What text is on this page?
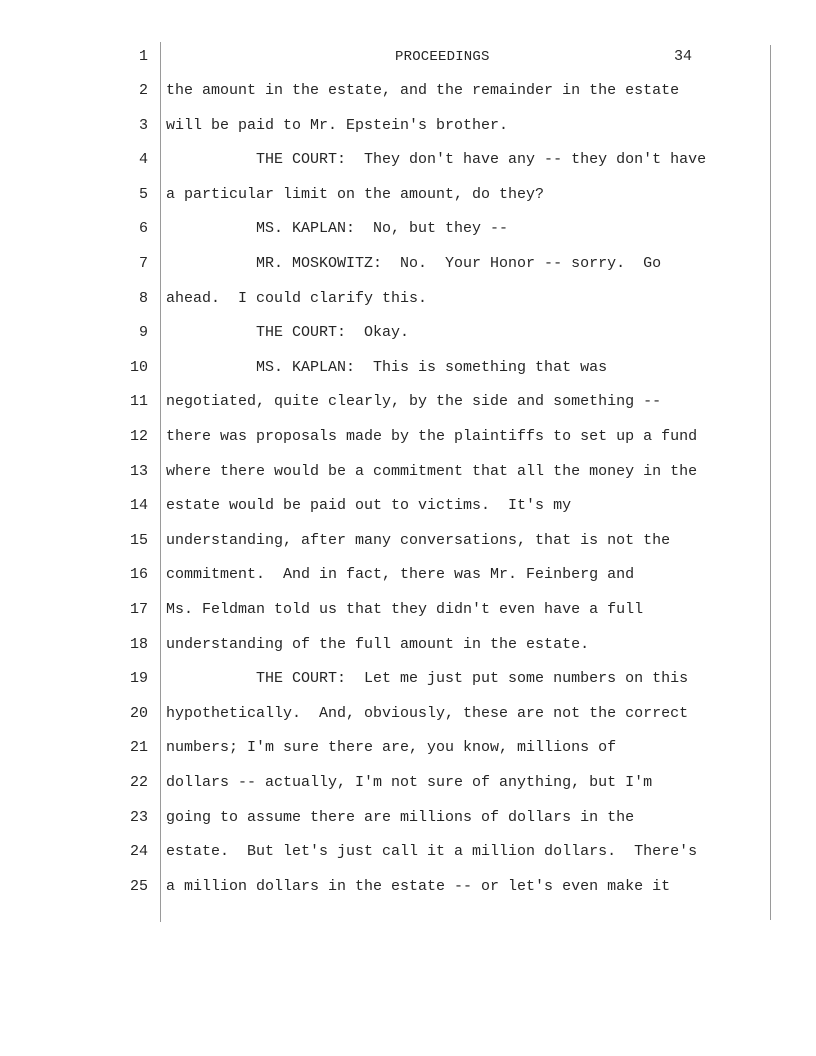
1	PROCEEDINGS	34
2 the amount in the estate, and the remainder in the estate
3 will be paid to Mr. Epstein's brother.
4 THE COURT:  They don't have any -- they don't have
5 a particular limit on the amount, do they?
6 MS. KAPLAN:  No, but they --
7 MR. MOSKOWITZ:  No.  Your Honor -- sorry.  Go
8 ahead.  I could clarify this.
9 THE COURT:  Okay.
10 MS. KAPLAN:  This is something that was
11 negotiated, quite clearly, by the side and something --
12 there was proposals made by the plaintiffs to set up a fund
13 where there would be a commitment that all the money in the
14 estate would be paid out to victims.  It's my
15 understanding, after many conversations, that is not the
16 commitment.  And in fact, there was Mr. Feinberg and
17 Ms. Feldman told us that they didn't even have a full
18 understanding of the full amount in the estate.
19 THE COURT:  Let me just put some numbers on this
20 hypothetically.  And, obviously, these are not the correct
21 numbers; I'm sure there are, you know, millions of
22 dollars -- actually, I'm not sure of anything, but I'm
23 going to assume there are millions of dollars in the
24 estate.  But let's just call it a million dollars.  There's
25 a million dollars in the estate -- or let's even make it
